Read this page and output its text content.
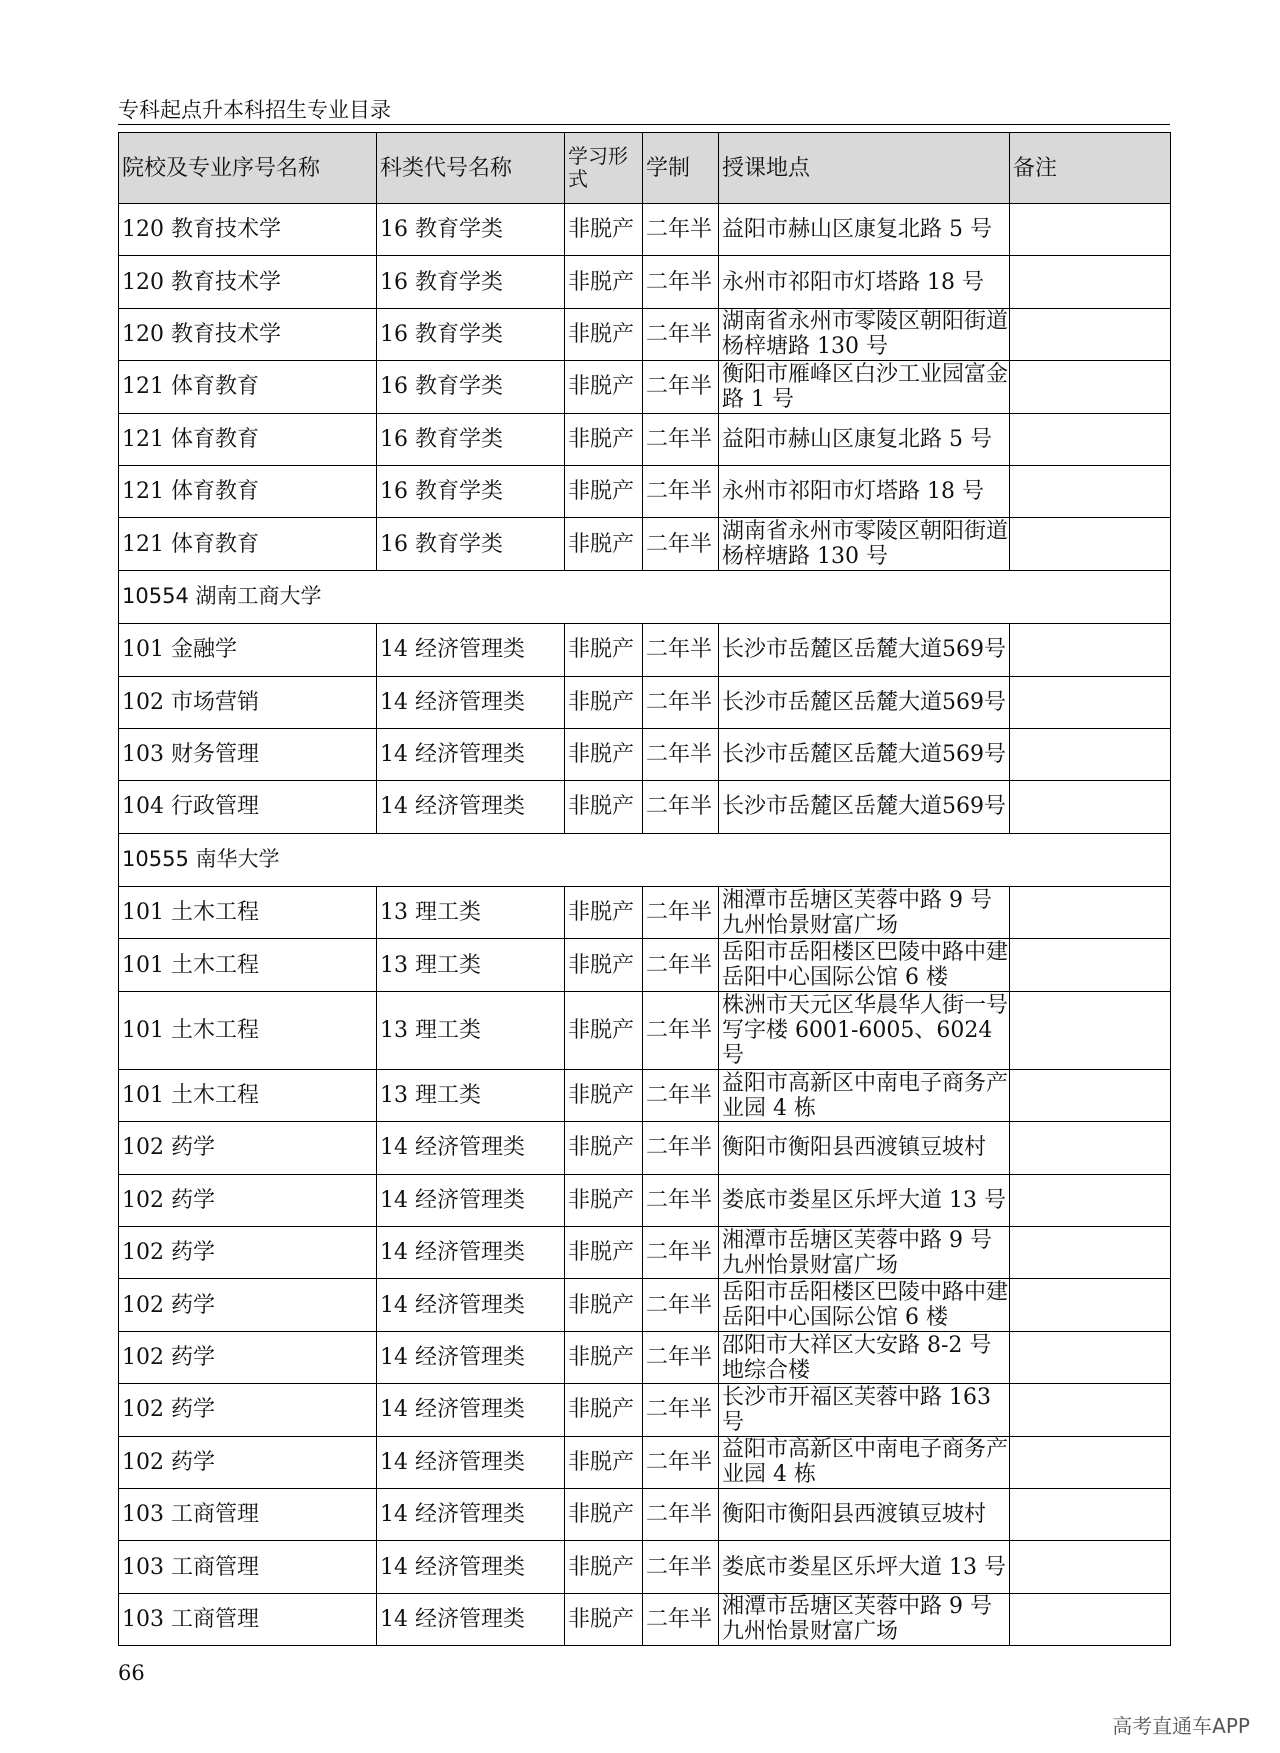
专科起点升本科招生专业目录
院校及专业序号名称	科类代号名称	学习形式	学制	授课地点	备注
120 教育技术学	16 教育学类	非脱产	二年半	益阳市赫山区康复北路 5 号	
120 教育技术学	16 教育学类	非脱产	二年半	永州市祁阳市灯塔路 18 号	
120 教育技术学	16 教育学类	非脱产	二年半	湖南省永州市零陵区朝阳街道杨梓塘路 130 号	
121 体育教育	16 教育学类	非脱产	二年半	衡阳市雁峰区白沙工业园富金路 1 号	
121 体育教育	16 教育学类	非脱产	二年半	益阳市赫山区康复北路 5 号	
121 体育教育	16 教育学类	非脱产	二年半	永州市祁阳市灯塔路 18 号	
121 体育教育	16 教育学类	非脱产	二年半	湖南省永州市零陵区朝阳街道杨梓塘路 130 号	
10554 湖南工商大学					
101 金融学	14 经济管理类	非脱产	二年半	长沙市岳麓区岳麓大道569号	
102 市场营销	14 经济管理类	非脱产	二年半	长沙市岳麓区岳麓大道569号	
103 财务管理	14 经济管理类	非脱产	二年半	长沙市岳麓区岳麓大道569号	
104 行政管理	14 经济管理类	非脱产	二年半	长沙市岳麓区岳麓大道569号	
10555 南华大学					
101 土木工程	13 理工类	非脱产	二年半	湘潭市岳塘区芙蓉中路 9 号九州怡景财富广场	
101 土木工程	13 理工类	非脱产	二年半	岳阳市岳阳楼区巴陵中路中建岳阳中心国际公馆 6 楼	
101 土木工程	13 理工类	非脱产	二年半	株洲市天元区华晨华人街一号写字楼 6001-6005、6024 号	
101 土木工程	13 理工类	非脱产	二年半	益阳市高新区中南电子商务产业园 4 栋	
102 药学	14 经济管理类	非脱产	二年半	衡阳市衡阳县西渡镇豆坡村	
102 药学	14 经济管理类	非脱产	二年半	娄底市娄星区乐坪大道 13 号	
102 药学	14 经济管理类	非脱产	二年半	湘潭市岳塘区芙蓉中路 9 号九州怡景财富广场	
102 药学	14 经济管理类	非脱产	二年半	岳阳市岳阳楼区巴陵中路中建岳阳中心国际公馆 6 楼	
102 药学	14 经济管理类	非脱产	二年半	邵阳市大祥区大安路 8-2 号地综合楼	
102 药学	14 经济管理类	非脱产	二年半	长沙市开福区芙蓉中路 163 号	
102 药学	14 经济管理类	非脱产	二年半	益阳市高新区中南电子商务产业园 4 栋	
103 工商管理	14 经济管理类	非脱产	二年半	衡阳市衡阳县西渡镇豆坡村	
103 工商管理	14 经济管理类	非脱产	二年半	娄底市娄星区乐坪大道 13 号	
103 工商管理	14 经济管理类	非脱产	二年半	湘潭市岳塘区芙蓉中路 9 号九州怡景财富广场	
66
高考直通车APP
